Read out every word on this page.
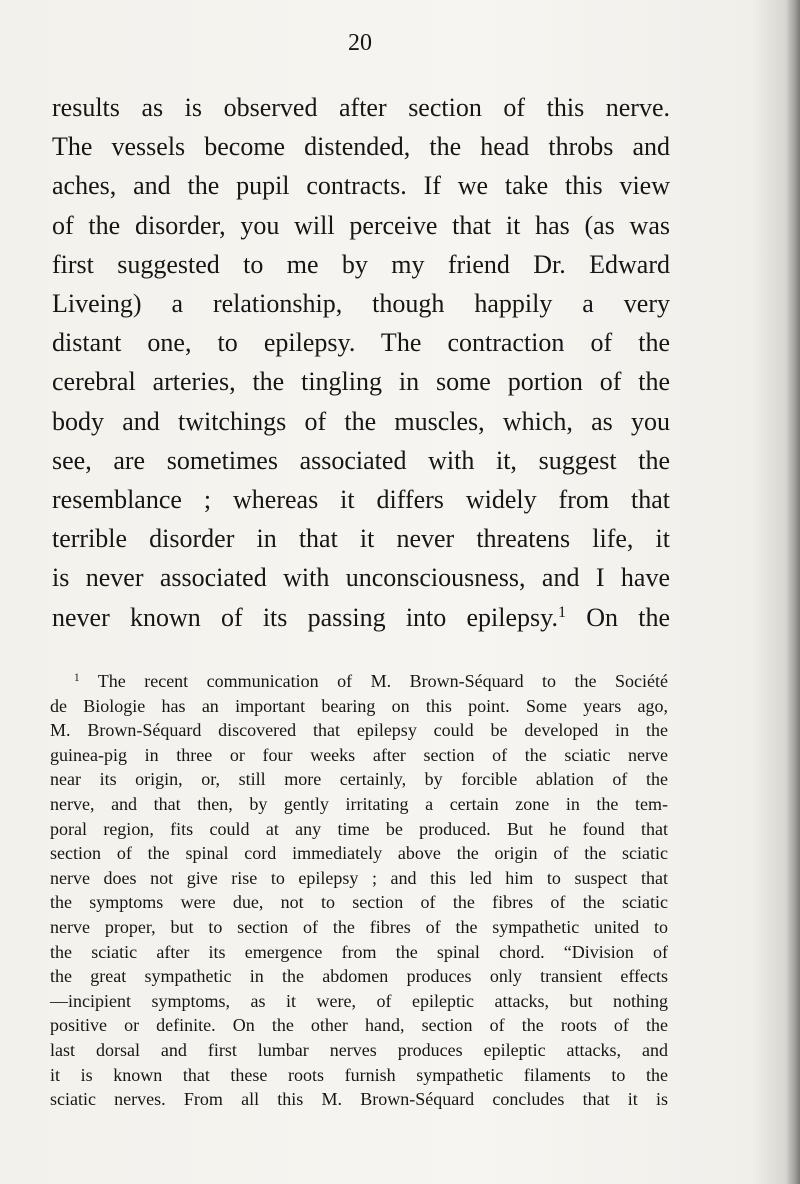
20
results as is observed after section of this nerve.
The vessels become distended, the head throbs and
aches, and the pupil contracts. If we take this view
of the disorder, you will perceive that it has (as was
first suggested to me by my friend Dr. Edward
Liveing) a relationship, though happily a very
distant one, to epilepsy. The contraction of the
cerebral arteries, the tingling in some portion of the
body and twitchings of the muscles, which, as you
see, are sometimes associated with it, suggest the
resemblance ; whereas it differs widely from that
terrible disorder in that it never threatens life, it
is never associated with unconsciousness, and I have
never known of its passing into epilepsy.$^1$ On the
$^1$ The recent communication of M. Brown-Séquard to the Société
de Biologie has an important bearing on this point. Some years ago,
M. Brown-Séquard discovered that epilepsy could be developed in the
guinea-pig in three or four weeks after section of the sciatic nerve
near its origin, or, still more certainly, by forcible ablation of the
nerve, and that then, by gently irritating a certain zone in the tem-
poral region, fits could at any time be produced. But he found that
section of the spinal cord immediately above the origin of the sciatic
nerve does not give rise to epilepsy ; and this led him to suspect that
the symptoms were due, not to section of the fibres of the sciatic
nerve proper, but to section of the fibres of the sympathetic united to
the sciatic after its emergence from the spinal chord. “Division of
the great sympathetic in the abdomen produces only transient effects
—incipient symptoms, as it were, of epileptic attacks, but nothing
positive or definite. On the other hand, section of the roots of the
last dorsal and first lumbar nerves produces epileptic attacks, and
it is known that these roots furnish sympathetic filaments to the
sciatic nerves. From all this M. Brown-Séquard concludes that it is
